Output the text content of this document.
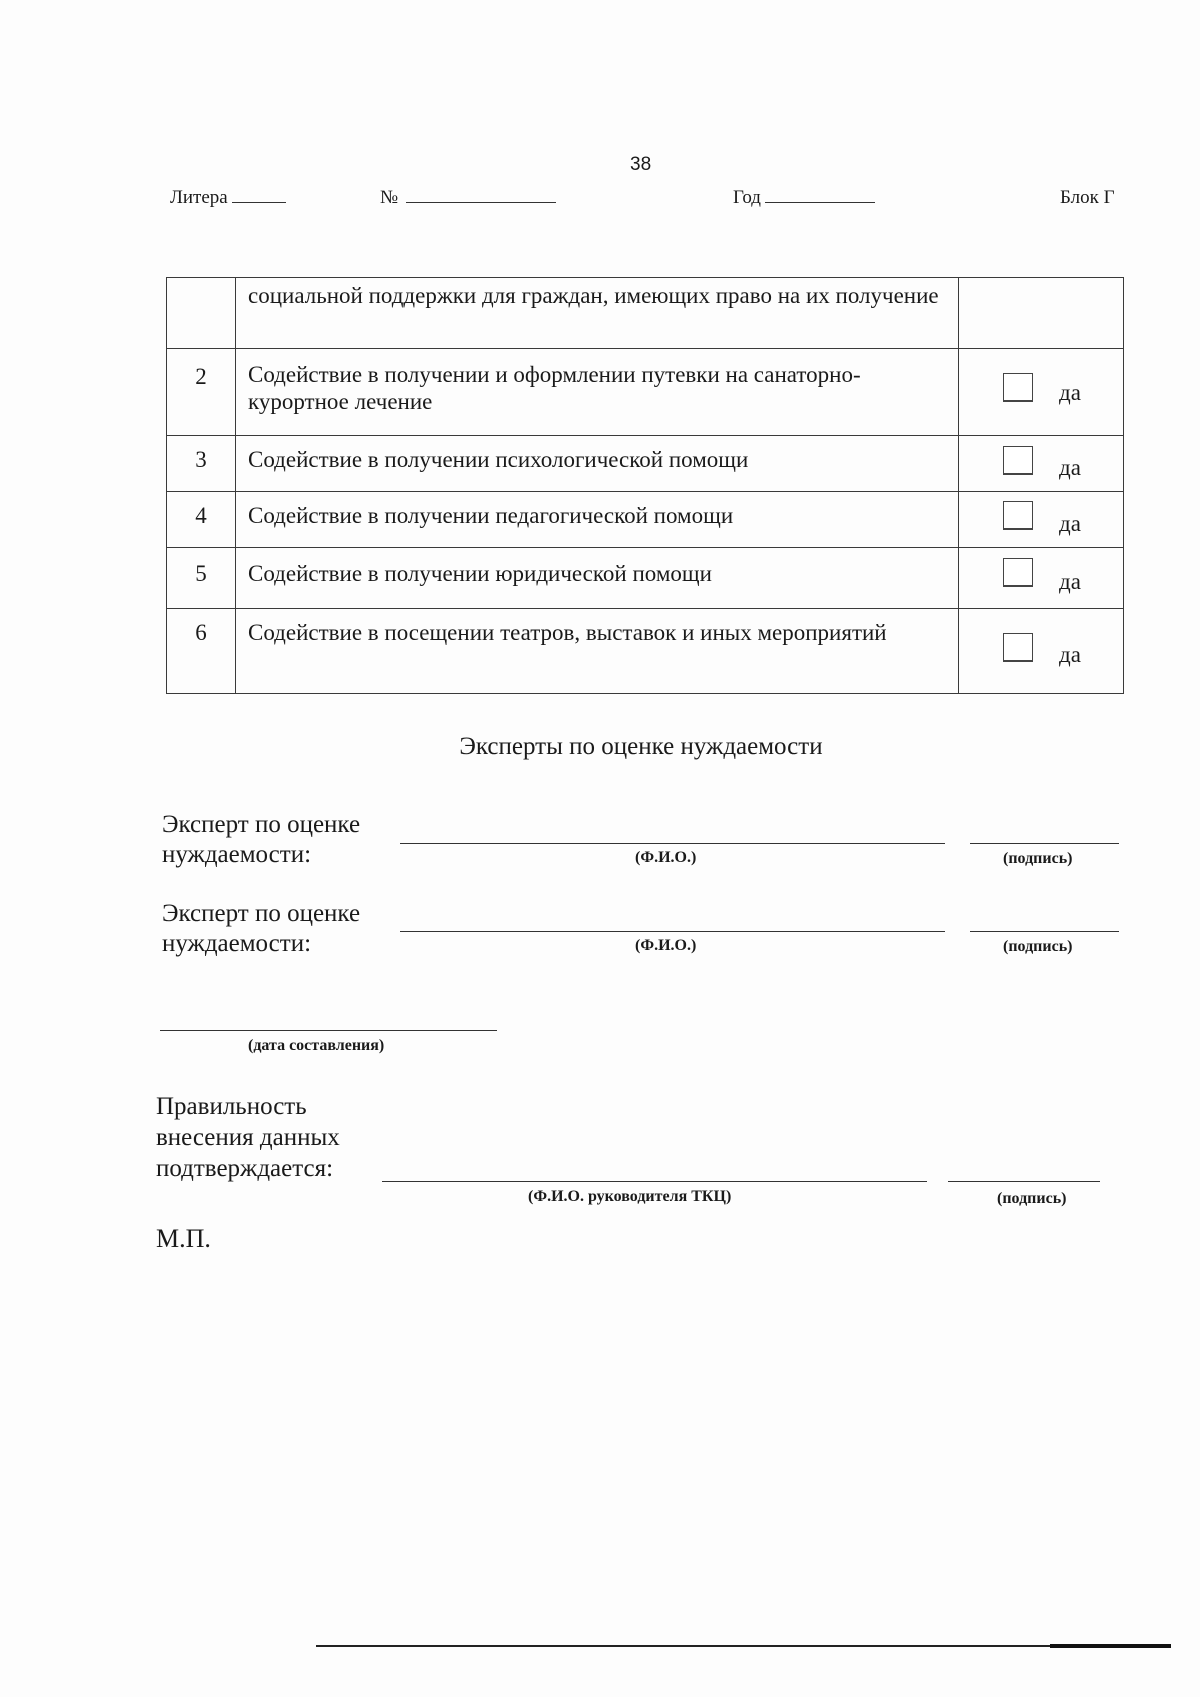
38
Литера	№	Год	Блок Г
	социальной поддержки для граждан, имеющих право на их получение	
2	Содействие в получении и оформлении путевки на санаторно-курортное лечение	да

3	Содействие в получении психологической помощи	да

4	Содействие в получении педагогической помощи	да

5	Содействие в получении юридической помощи	да

6	Содействие в посещении театров, выставок и иных мероприятий	да
Эксперты по оценке нуждаемости
Эксперт по оценке
нуждаемости:	(Ф.И.О.)	(подпись)
Эксперт по оценке
нуждаемости:	(Ф.И.О.)	(подпись)
(дата составления)
Правильность
внесения данных
подтверждается:
(Ф.И.О. руководителя ТКЦ)	(подпись)
М.П.
